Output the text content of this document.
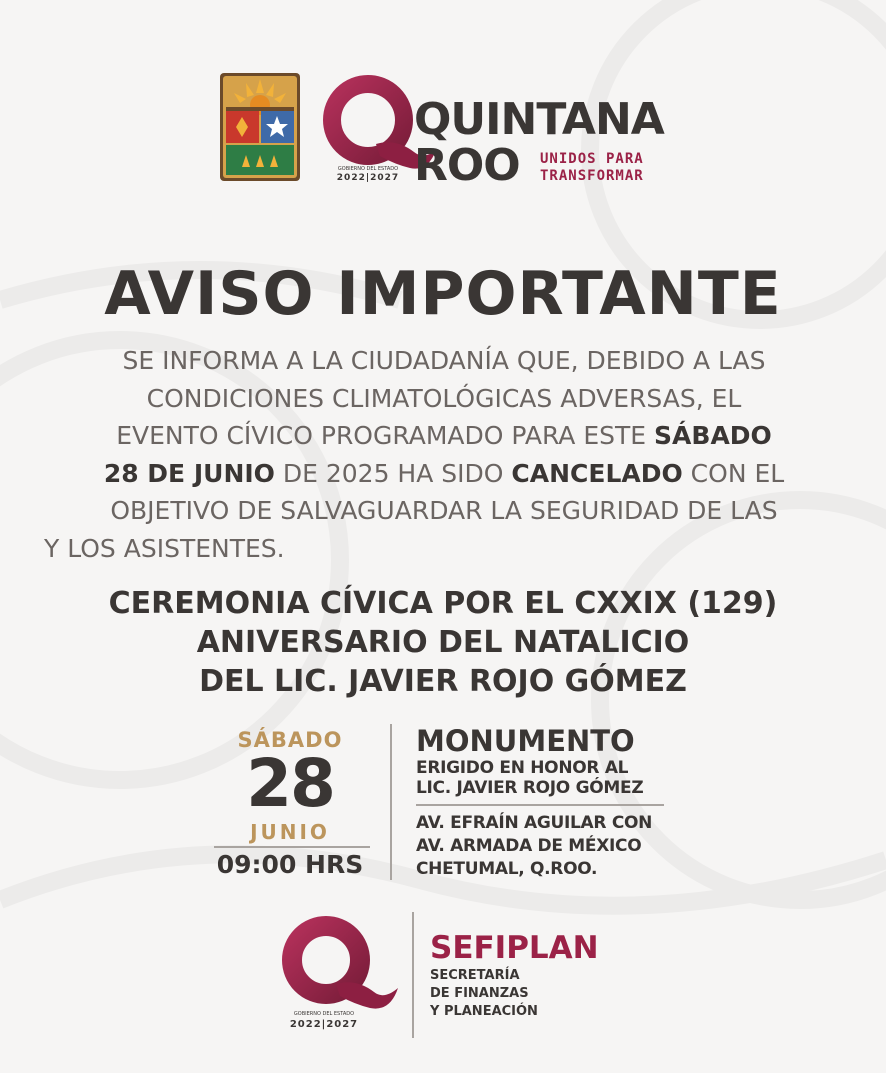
QUINTANA
ROO UNIDOS PARA
TRANSFORMAR
GOBIERNO DEL ESTADO
2022|2027
AVISO IMPORTANTE
SE INFORMA A LA CIUDADANÍA QUE, DEBIDO A LAS
CONDICIONES CLIMATOLÓGICAS ADVERSAS, EL
EVENTO CÍVICO PROGRAMADO PARA ESTE SÁBADO
28 DE JUNIO DE 2025 HA SIDO CANCELADO CON EL
OBJETIVO DE SALVAGUARDAR LA SEGURIDAD DE LAS
Y LOS ASISTENTES.
CEREMONIA CÍVICA POR EL CXXIX (129)
ANIVERSARIO DEL NATALICIO
DEL LIC. JAVIER ROJO GÓMEZ
SÁBADO
28
JUNIO
09:00 HRS
MONUMENTO
ERIGIDO EN HONOR AL
LIC. JAVIER ROJO GÓMEZ
AV. EFRAÍN AGUILAR CON
AV. ARMADA DE MÉXICO
CHETUMAL, Q.ROO.
GOBIERNO DEL ESTADO
2022|2027
SEFIPLAN
SECRETARÍA
DE FINANZAS
Y PLANEACIÓN
